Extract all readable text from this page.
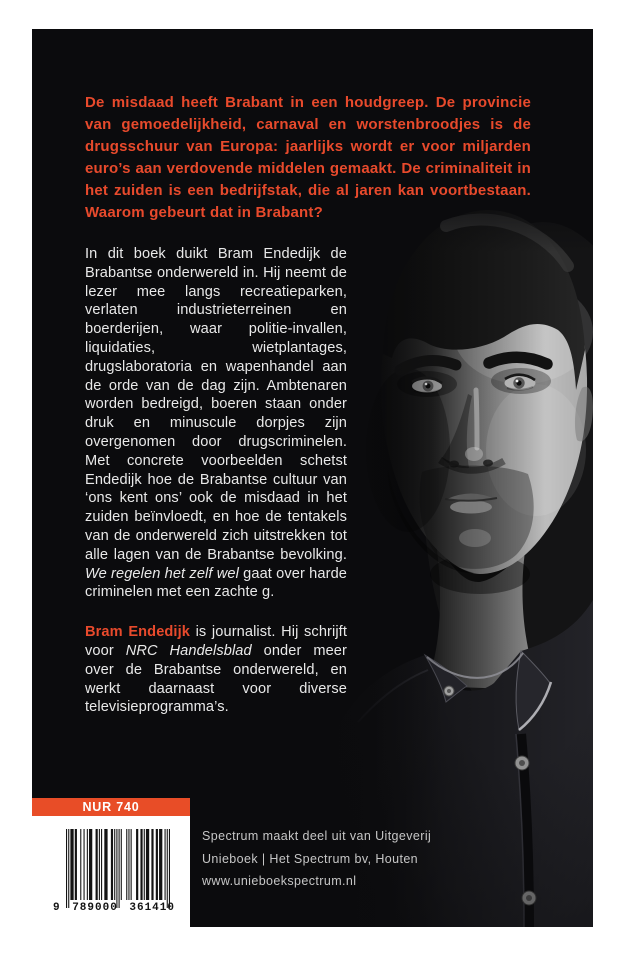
De misdaad heeft Brabant in een houdgreep. De provincie van gemoedelijkheid, carnaval en worstenbroodjes is de drugsschuur van Europa: jaarlijks wordt er voor miljarden euro’s aan verdovende middelen gemaakt. De criminaliteit in het zuiden is een bedrijfstak, die al jaren kan voortbestaan. Waarom gebeurt dat in Brabant?

In dit boek duikt Bram Endedijk de Brabantse onderwereld in. Hij neemt de lezer mee langs recreatieparken, verlaten industrieterreinen en boerderijen, waar politie-invallen, liquidaties, wietplantages, drugslaboratoria en wapenhandel aan de orde van de dag zijn. Ambtenaren worden bedreigd, boeren staan onder druk en minuscule dorpjes zijn overgenomen door drugscriminelen. Met concrete voorbeelden schetst Endedijk hoe de Brabantse cultuur van ‘ons kent ons’ ook de misdaad in het zuiden beïnvloedt, en hoe de tentakels van de onderwereld zich uitstrekken tot alle lagen van de Brabantse bevolking. We regelen het zelf wel gaat over harde criminelen met een zachte g.

Bram Endedijk is journalist. Hij schrijft voor NRC Handelsblad onder meer over de Brabantse onderwereld, en werkt daarnaast voor diverse televisieprogramma’s.

NUR 740
9 789000 361410
Spectrum maakt deel uit van Uitgeverij
Unieboek | Het Spectrum bv, Houten
www.unieboekspectrum.nl
